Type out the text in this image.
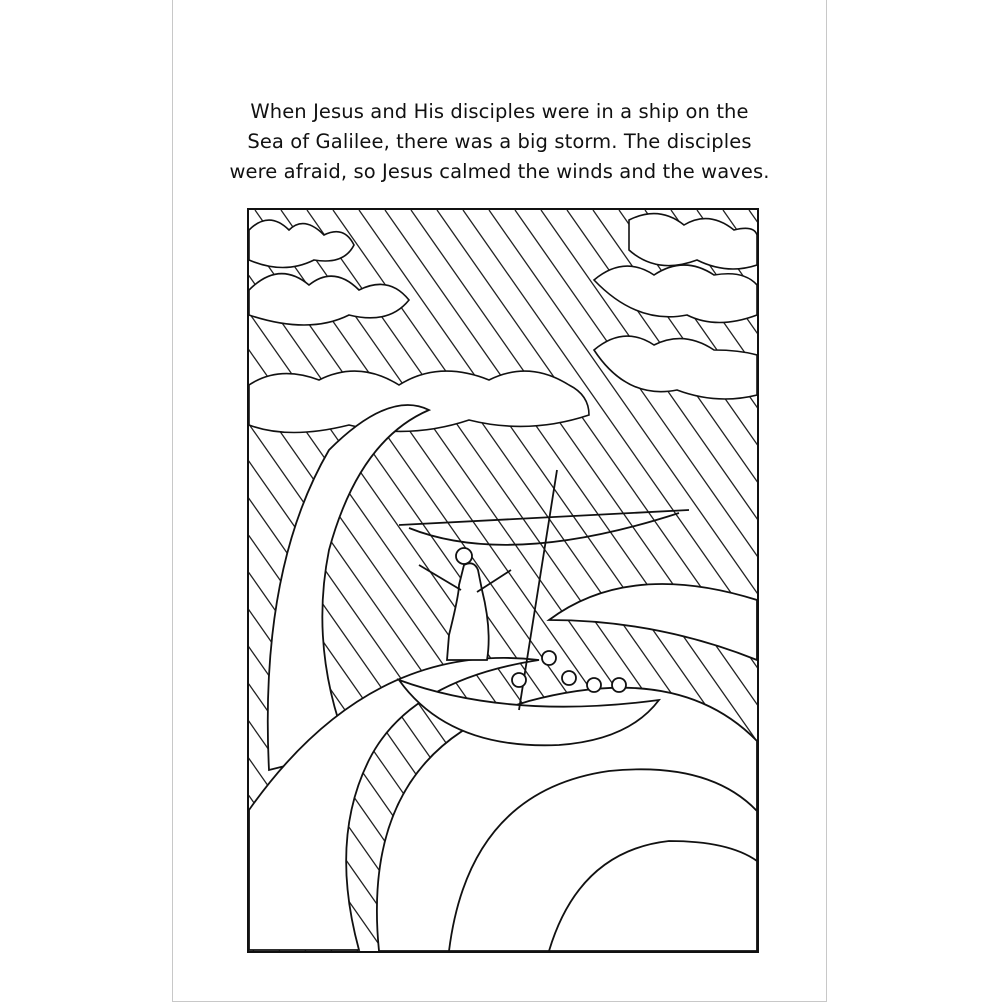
When Jesus and His disciples were in a ship on the
Sea of Galilee, there was a big storm. The disciples
were afraid, so Jesus calmed the winds and the waves.
